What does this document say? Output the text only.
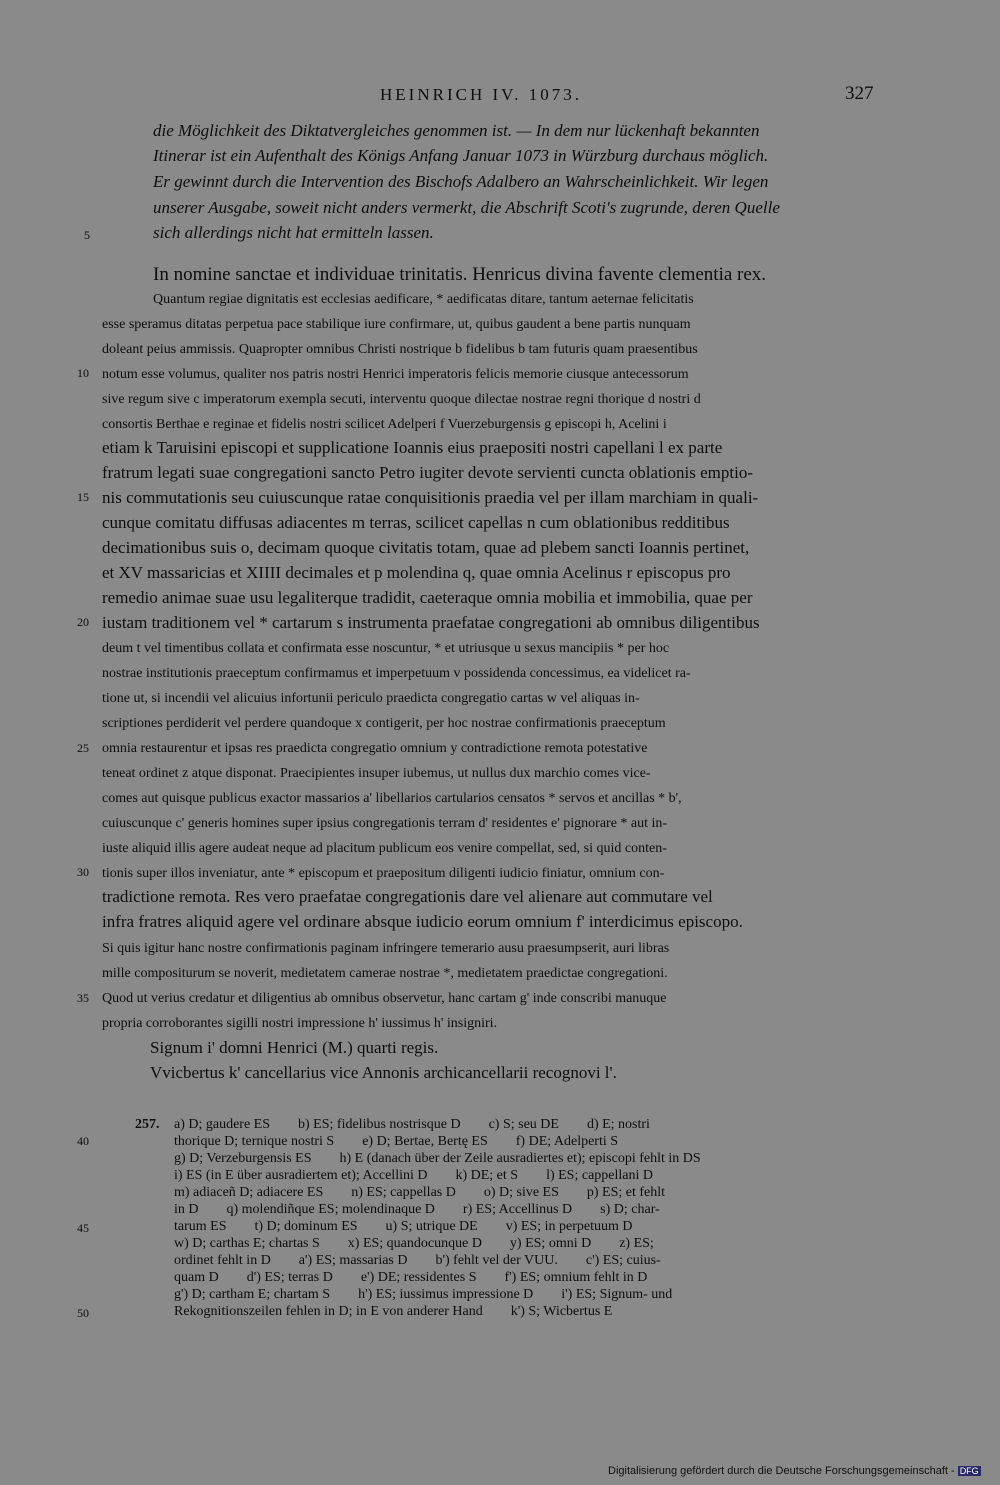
HEINRICH IV. 1073.	327
die Möglichkeit des Diktatvergleiches genommen ist. — In dem nur lückenhaft bekannten
Itinerar ist ein Aufenthalt des Königs Anfang Januar 1073 in Würzburg durchaus möglich.
Er gewinnt durch die Intervention des Bischofs Adalbero an Wahrscheinlichkeit. Wir legen
unserer Ausgabe, soweit nicht anders vermerkt, die Abschrift Scoti's zugrunde, deren Quelle
sich allerdings nicht hat ermitteln lassen.
5
10
15
20
25
30
35
40
45
50
In nomine sanctae et individuae trinitatis. Henricus divina favente clementia rex.
Quantum regiae dignitatis est ecclesias aedificare, * aedificatas ditare, tantum aeternae felicitatis
esse speramus ditatas perpetua pace stabilique iure confirmare, ut, quibus gaudent a bene partis nunquam
doleant peius ammissis. Quapropter omnibus Christi nostrique b fidelibus b tam futuris quam praesentibus
notum esse volumus, qualiter nos patris nostri Henrici imperatoris felicis memorie ciusque antecessorum
sive regum sive c imperatorum exempla secuti, interventu quoque dilectae nostrae regni thorique d nostri d
consortis Berthae e reginae et fidelis nostri scilicet Adelperi f Vuerzeburgensis g episcopi h, Acelini i
etiam k Taruisini episcopi et supplicatione Ioannis eius praepositi nostri capellani l ex parte
fratrum legati suae congregationi sancto Petro iugiter devote servienti cuncta oblationis emptio-
nis commutationis seu cuiuscunque ratae conquisitionis praedia vel per illam marchiam in quali-
cunque comitatu diffusas adiacentes m terras, scilicet capellas n cum oblationibus redditibus
decimationibus suis o, decimam quoque civitatis totam, quae ad plebem sancti Ioannis pertinet,
et XV massaricias et XIIII decimales et p molendina q, quae omnia Acelinus r episcopus pro
remedio animae suae usu legaliterque tradidit, caeteraque omnia mobilia et immobilia, quae per
iustam traditionem vel * cartarum s instrumenta praefatae congregationi ab omnibus diligentibus
deum t vel timentibus collata et confirmata esse noscuntur, * et utriusque u sexus mancipiis * per hoc
nostrae institutionis praeceptum confirmamus et imperpetuum v possidenda concessimus, ea videlicet ra-
tione ut, si incendii vel alicuius infortunii periculo praedicta congregatio cartas w vel aliquas in-
scriptiones perdiderit vel perdere quandoque x contigerit, per hoc nostrae confirmationis praeceptum
omnia restaurentur et ipsas res praedicta congregatio omnium y contradictione remota potestative
teneat ordinet z atque disponat. Praecipientes insuper iubemus, ut nullus dux marchio comes vice-
comes aut quisque publicus exactor massarios a' libellarios cartularios censatos * servos et ancillas * b',
cuiuscunque c' generis homines super ipsius congregationis terram d' residentes e' pignorare * aut in-
iuste aliquid illis agere audeat neque ad placitum publicum eos venire compellat, sed, si quid conten-
tionis super illos inveniatur, ante * episcopum et praepositum diligenti iudicio finiatur, omnium con-
tradictione remota. Res vero praefatae congregationis dare vel alienare aut commutare vel
infra fratres aliquid agere vel ordinare absque iudicio eorum omnium f' interdicimus episcopo.
Si quis igitur hanc nostre confirmationis paginam infringere temerario ausu praesumpserit, auri libras
mille compositurum se noverit, medietatem camerae nostrae *, medietatem praedictae congregationi.
Quod ut verius credatur et diligentius ab omnibus observetur, hanc cartam g' inde conscribi manuque
propria corroborantes sigilli nostri impressione h' iussimus h' insigniri.
Signum i' domni Henrici (M.) quarti regis.
Vvicbertus k' cancellarius vice Annonis archicancellarii recognovi l'.
257. a) D; gaudere ES        b) ES; fidelibus nostrisque D        c) S; seu DE        d) E; nostri
thorique D; ternique nostri S        e) D; Bertae, Bertę ES        f) DE; Adelperti S
g) D; Verzeburgensis ES        h) E (danach über der Zeile ausradiertes et); episcopi fehlt in DS
i) ES (in E über ausradiertem et); Accellini D        k) DE; et S        l) ES; cappellani D
m) adiaceñ D; adiacere ES        n) ES; cappellas D        o) D; sive ES        p) ES; et fehlt
in D        q) molendiñque ES; molendinaque D        r) ES; Accellinus D        s) D; char-
tarum ES        t) D; dominum ES        u) S; utrique DE        v) ES; in perpetuum D
w) D; carthas E; chartas S        x) ES; quandocunque D        y) ES; omni D        z) ES;
ordinet fehlt in D        a') ES; massarias D        b') fehlt vel der VUU.        c') ES; cuius-
quam D        d') ES; terras D        e') DE; ressidentes S        f') ES; omnium fehlt in D
g') D; cartham E; chartam S        h') ES; iussimus impressione D        i') ES; Signum- und
Rekognitionszeilen fehlen in D; in E von anderer Hand        k') S; Wicbertus E
Digitalisierung gefördert durch die Deutsche Forschungsgemeinschaft - DFG
